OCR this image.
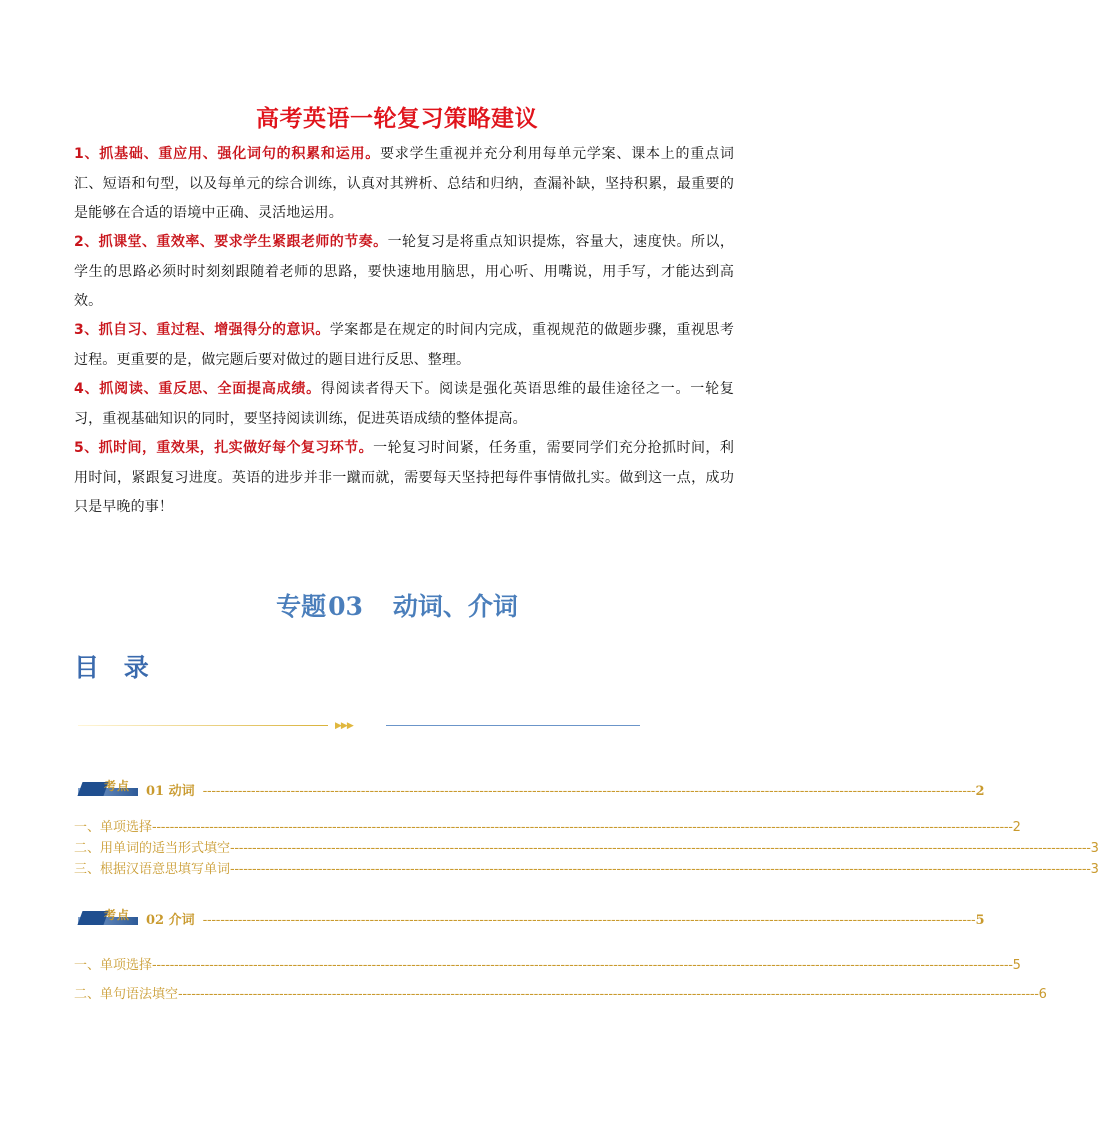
高考英语一轮复习策略建议
1、抓基础、重应用、强化词句的积累和运用。要求学生重视并充分利用每单元学案、课本上的重点词汇、短语和句型，以及每单元的综合训练，认真对其辨析、总结和归纳，查漏补缺，坚持积累，最重要的是能够在合适的语境中正确、灵活地运用。
2、抓课堂、重效率、要求学生紧跟老师的节奏。一轮复习是将重点知识提炼，容量大，速度快。所以，学生的思路必须时时刻刻跟随着老师的思路，要快速地用脑思，用心听、用嘴说，用手写，才能达到高效。
3、抓自习、重过程、增强得分的意识。学案都是在规定的时间内完成，重视规范的做题步骤，重视思考过程。更重要的是，做完题后要对做过的题目进行反思、整理。
4、抓阅读、重反思、全面提高成绩。得阅读者得天下。阅读是强化英语思维的最佳途径之一。一轮复习，重视基础知识的同时，要坚持阅读训练，促进英语成绩的整体提高。
5、抓时间，重效果，扎实做好每个复习环节。一轮复习时间紧，任务重，需要同学们充分抢抓时间，利用时间，紧跟复习进度。英语的进步并非一蹴而就，需要每天坚持把每件事情做扎实。做到这一点，成功只是早晚的事！
专题03 动词、介词
目 录
▶▶▶
考点 01 动词 -------------------------------------------------------------------------------------------------------------------------------------------------------------------------------- 2
一、单项选择 ---------------------------------------------------------------------------------------------------------------------------------------------------------------------------------------------------- 2
二、用单词的适当形式填空 ---------------------------------------------------------------------------------------------------------------------------------------------------------------------------------------------------- 3
三、根据汉语意思填写单词 ---------------------------------------------------------------------------------------------------------------------------------------------------------------------------------------------------- 3
考点 02 介词 -------------------------------------------------------------------------------------------------------------------------------------------------------------------------------- 5
一、单项选择 ---------------------------------------------------------------------------------------------------------------------------------------------------------------------------------------------------- 5
二、单句语法填空 ---------------------------------------------------------------------------------------------------------------------------------------------------------------------------------------------------- 6
